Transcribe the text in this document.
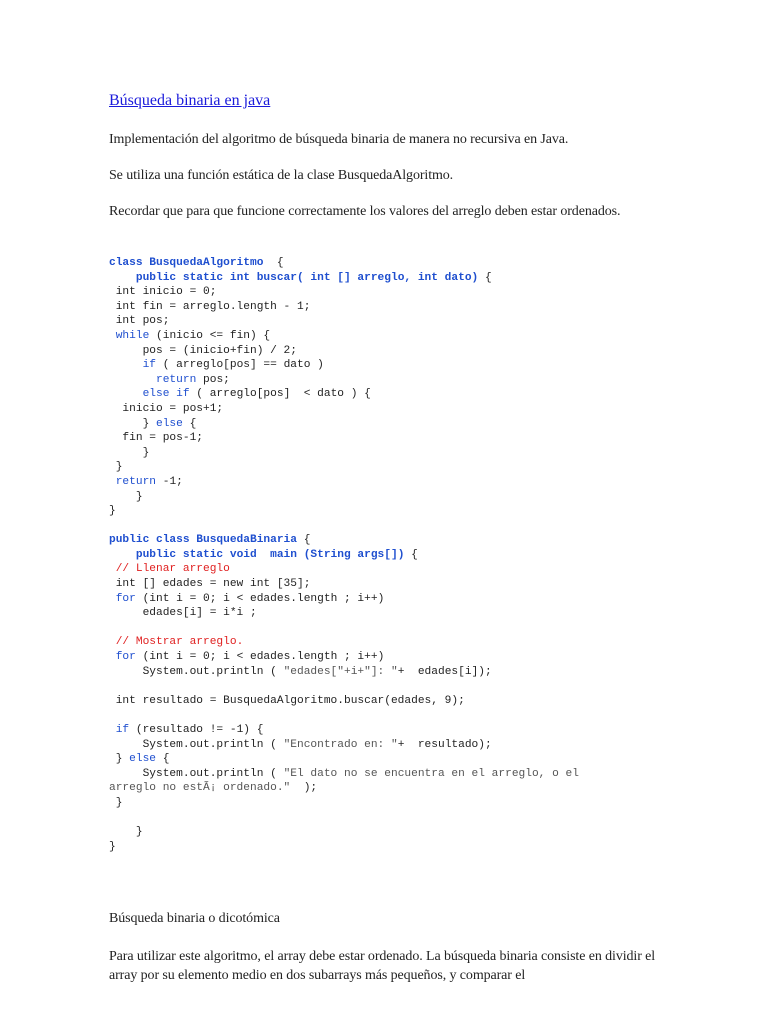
Búsqueda binaria en java
Implementación del algoritmo de búsqueda binaria de manera no recursiva en Java.
Se utiliza una función estática de la clase BusquedaAlgoritmo.
Recordar que para que funcione correctamente los valores del arreglo deben estar ordenados.
class BusquedaAlgoritmo  {
public static int buscar( int [] arreglo, int dato) {
int inicio = 0;
int fin = arreglo.length - 1;
int pos;
while (inicio <= fin) {
pos = (inicio+fin) / 2;
if ( arreglo[pos] == dato )
return pos;
else if ( arreglo[pos]  < dato ) {
inicio = pos+1;
} else {
fin = pos-1;
}
}
return -1;
}
}

public class BusquedaBinaria {
public static void  main (String args[]) {
// Llenar arreglo
int [] edades = new int [35];
for (int i = 0; i < edades.length ; i++)
edades[i] = i*i ;

// Mostrar arreglo.
for (int i = 0; i < edades.length ; i++)
System.out.println ( "edades["+i+"]: "+  edades[i]);

int resultado = BusquedaAlgoritmo.buscar(edades, 9);

if (resultado != -1) {
System.out.println ( "Encontrado en: "+  resultado);
} else {
System.out.println ( "El dato no se encuentra en el arreglo, o el
arreglo no estÃ¡ ordenado."  );
}

}
}
Búsqueda binaria o dicotómica
Para utilizar este algoritmo, el array debe estar ordenado. La búsqueda binaria consiste en dividir el array por su elemento medio en dos subarrays más pequeños, y comparar el
